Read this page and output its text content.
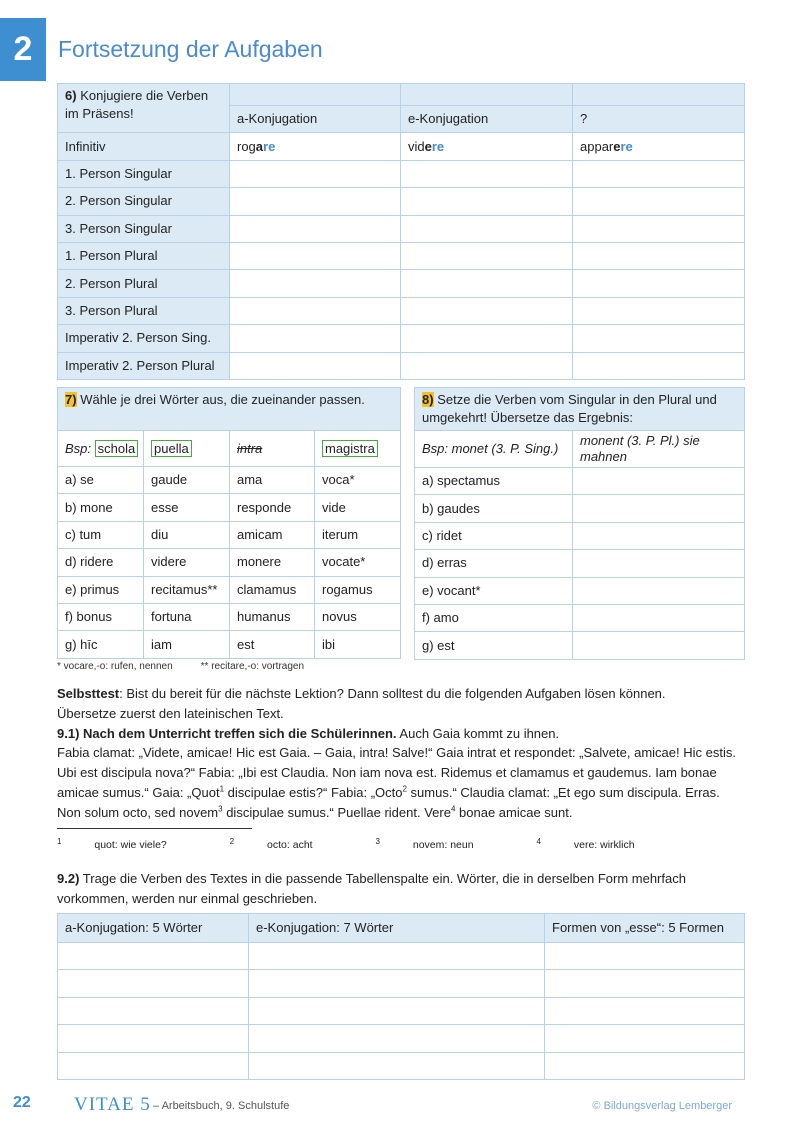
2	Fortsetzung der Aufgaben
6) Konjugiere die Verben im Präsens!			
	a-Konjugation	e-Konjugation	?
Infinitiv	rogare	videre	apparere
1. Person Singular			
2. Person Singular			
3. Person Singular			
1. Person Plural			
2. Person Plural			
3. Person Plural			
Imperativ 2. Person Sing.			
Imperativ 2. Person Plural			
7) Wähle je drei Wörter aus, die zueinander passen.			
Bsp: schola	puella	intra	magistra
a) se	gaude	ama	voca*
b) mone	esse	responde	vide
c) tum	diu	amicam	iterum
d) ridere	videre	monere	vocate*
e) primus	recitamus**	clamamus	rogamus
f) bonus	fortuna	humanus	novus
g) hīc	iam	est	ibi
8) Setze die Verben vom Singular in den Plural und umgekehrt! Übersetze das Ergebnis:	
Bsp: monet (3. P. Sing.)	monent (3. P. Pl.) sie mahnen
a) spectamus	
b) gaudes	
c) ridet	
d) erras	
e) vocant*	
f) amo	
g) est	
* vocare,-o: rufen, nennen	** recitare,-o: vortragen

Selbsttest: Bist du bereit für die nächste Lektion? Dann solltest du die folgenden Aufgaben lösen können.

Übersetze zuerst den lateinischen Text.

9.1) Nach dem Unterricht treffen sich die Schülerinnen. Auch Gaia kommt zu ihnen.

Fabia clamat: „Videte, amicae! Hic est Gaia. – Gaia, intra! Salve!“ Gaia intrat et respondet: „Salvete, amicae! Hic estis. Ubi est discipula nova?“ Fabia: „Ibi est Claudia. Non iam nova est. Ridemus et clamamus et gaudemus. Iam bonae amicae sumus.“ Gaia: „Quot$^1$ discipulae estis?“ Fabia: „Octo$^2$ sumus.“ Claudia clamat: „Et ego sum discipula. Erras. Non solum octo, sed novem$^3$ discipulae sumus.“ Puellae rident. Vere$^4$ bonae amicae sunt.

$^1$	quot: wie viele?	$^2$	octo: acht	$^3$	novem: neun	$^4$	vere: wirklich
9.2) Trage die Verben des Textes in die passende Tabellenspalte ein. Wörter, die in derselben Form mehrfach vorkommen, werden nur einmal geschrieben.
a-Konjugation: 5 Wörter	e-Konjugation: 7 Wörter	Formen von „esse“: 5 Formen

22 VITAE 5 – Arbeitsbuch, 9. Schulstufe	© Bildungsverlag Lemberger
